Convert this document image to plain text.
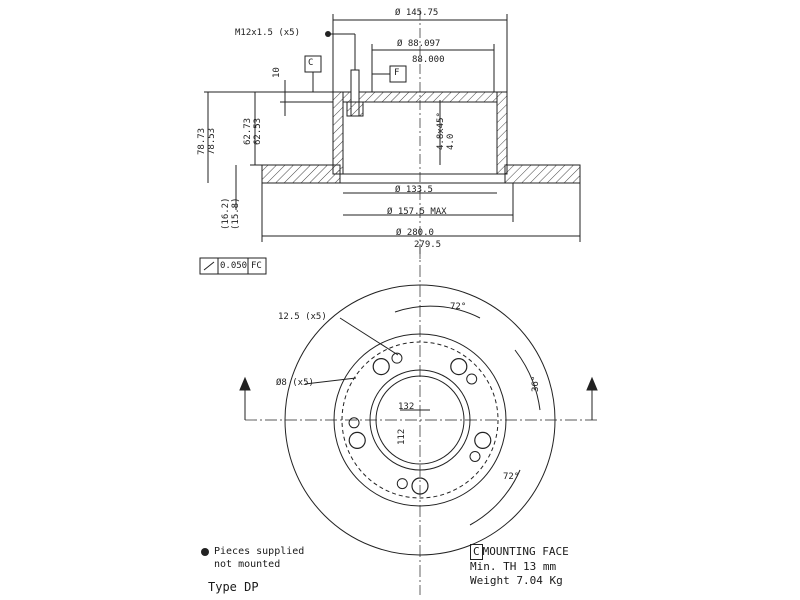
M12x1.5 (x5)
Ø 145.75
Ø 88.097
88.000
Ø 133.5
Ø 157.5 MAX
Ø 280.0
279.5
C
F
78.73 78.53	62.73 62.53
(16.2) (15.8)
10
4.8x45° 4.0
0.050 FC
12.5 (x5)
Ø8 (x5)
72°
36°
72°
132
112
Pieces supplied
not mounted
Type DP
C MOUNTING FACE
Min. TH 13 mm
Weight 7.04 Kg
